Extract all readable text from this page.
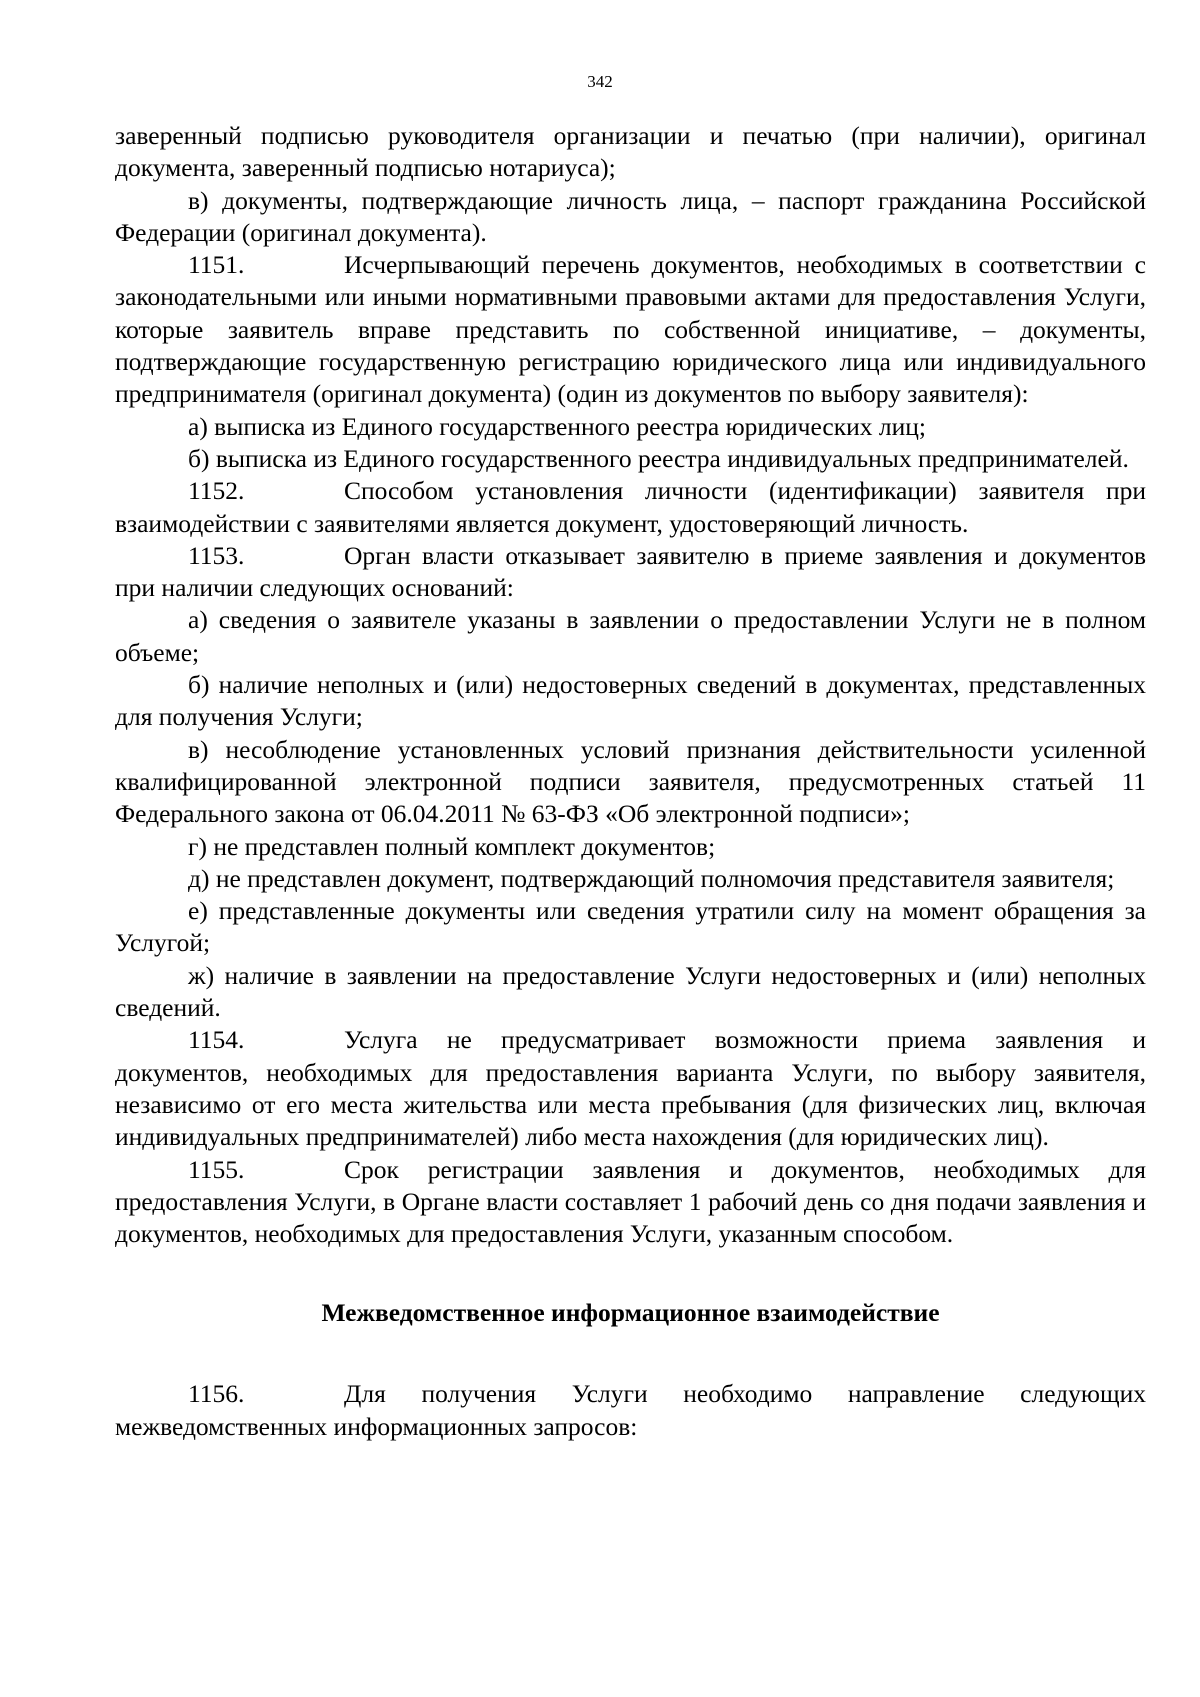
342

заверенный подписью руководителя организации и печатью (при наличии), оригинал документа, заверенный подписью нотариуса);

в) документы, подтверждающие личность лица, – паспорт гражданина Российской Федерации (оригинал документа).

1151.	Исчерпывающий перечень документов, необходимых в соответствии с законодательными или иными нормативными правовыми актами для предоставления Услуги, которые заявитель вправе представить по собственной инициативе, – документы, подтверждающие государственную регистрацию юридического лица или индивидуального предпринимателя (оригинал документа) (один из документов по выбору заявителя):

а) выписка из Единого государственного реестра юридических лиц;

б) выписка из Единого государственного реестра индивидуальных предпринимателей.

1152.	Способом установления личности (идентификации) заявителя при взаимодействии с заявителями является документ, удостоверяющий личность.

1153.	Орган власти отказывает заявителю в приеме заявления и документов при наличии следующих оснований:

а) сведения о заявителе указаны в заявлении о предоставлении Услуги не в полном объеме;

б) наличие неполных и (или) недостоверных сведений в документах, представленных для получения Услуги;

в) несоблюдение установленных условий признания действительности усиленной квалифицированной электронной подписи заявителя, предусмотренных статьей 11 Федерального закона от 06.04.2011 № 63-ФЗ «Об электронной подписи»;

г) не представлен полный комплект документов;

д) не представлен документ, подтверждающий полномочия представителя заявителя;

е) представленные документы или сведения утратили силу на момент обращения за Услугой;

ж) наличие в заявлении на предоставление Услуги недостоверных и (или) неполных сведений.

1154.	Услуга не предусматривает возможности приема заявления и документов, необходимых для предоставления варианта Услуги, по выбору заявителя, независимо от его места жительства или места пребывания (для физических лиц, включая индивидуальных предпринимателей) либо места нахождения (для юридических лиц).

1155.	Срок регистрации заявления и документов, необходимых для предоставления Услуги, в Органе власти составляет 1 рабочий день со дня подачи заявления и документов, необходимых для предоставления Услуги, указанным способом.

Межведомственное информационное взаимодействие

1156.	Для получения Услуги необходимо направление следующих межведомственных информационных запросов:
